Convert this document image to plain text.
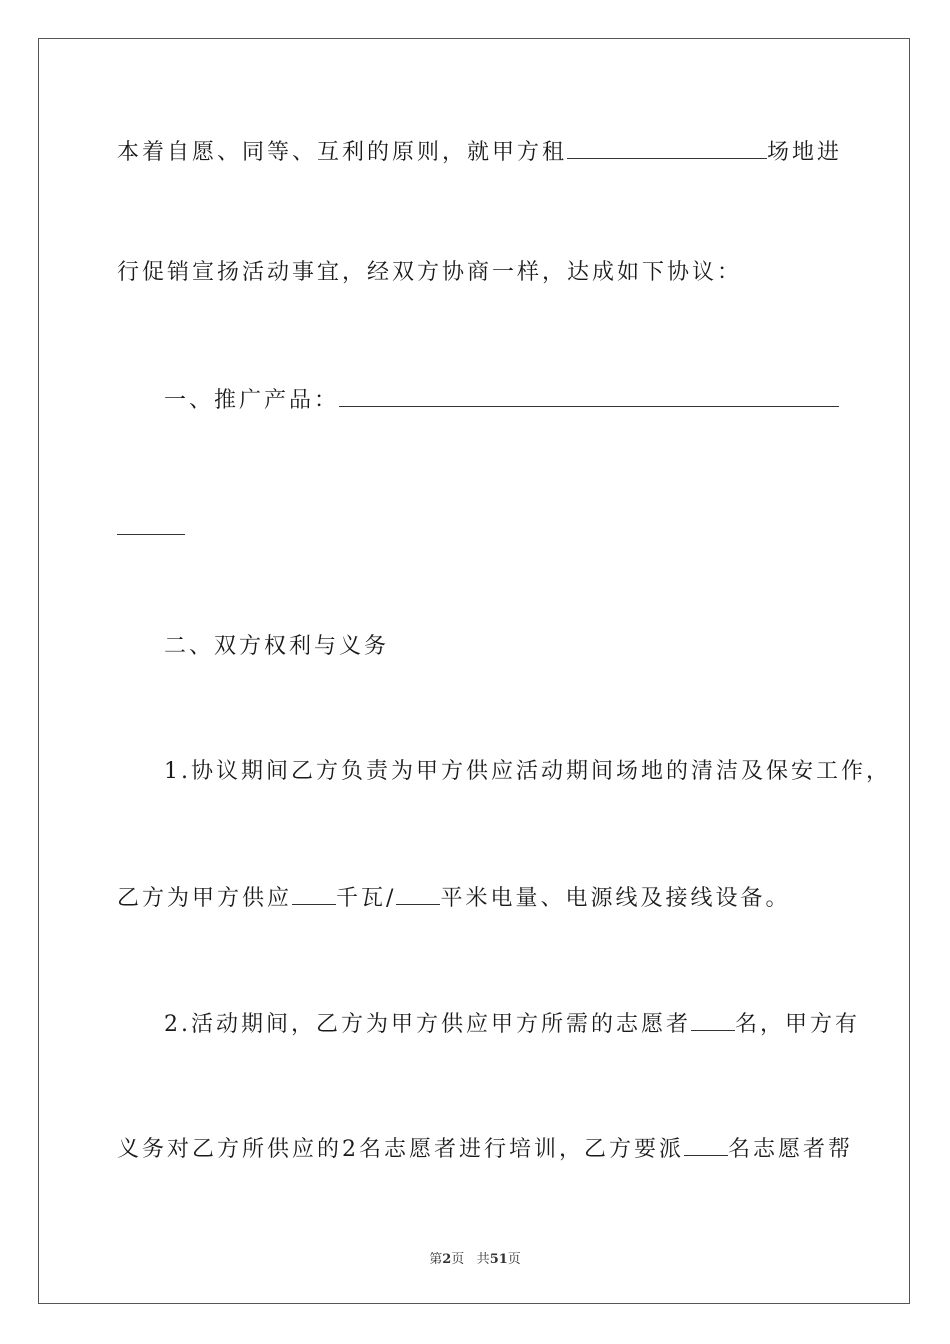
本着自愿、同等、互利的原则，就甲方租	场地进
行促销宣扬活动事宜，经双方协商一样，达成如下协议：
一、推广产品：
二、双方权利与义务
1.协议期间乙方负责为甲方供应活动期间场地的清洁及保安工作，
乙方为甲方供应 千瓦/ 平米电量、电源线及接线设备。
2.活动期间，乙方为甲方供应甲方所需的志愿者 名，甲方有
义务对乙方所供应的2名志愿者进行培训，乙方要派 名志愿者帮
第2页 共51页
